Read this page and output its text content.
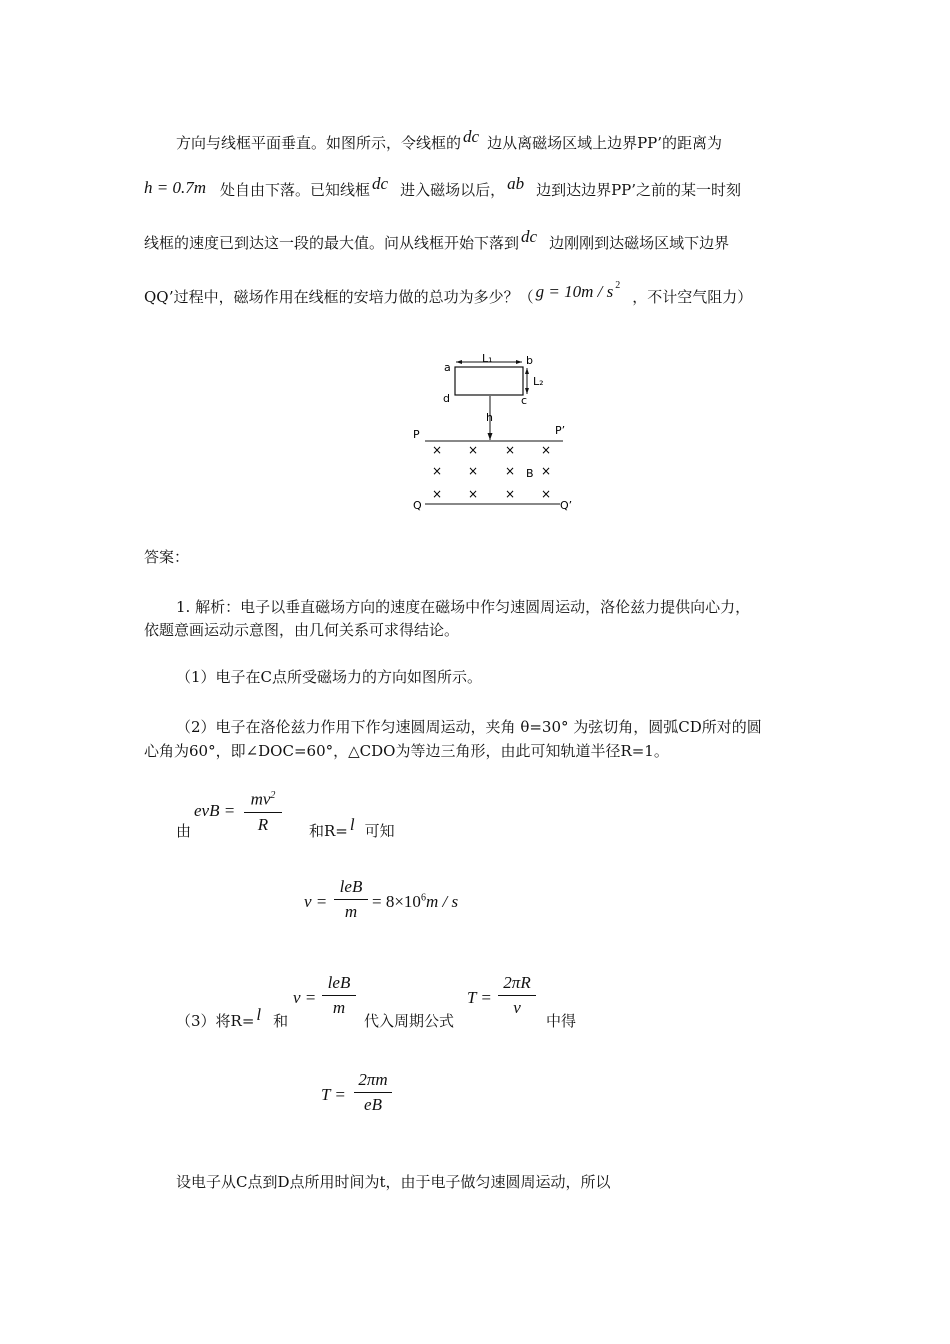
方向与线框平面垂直。如图所示，令线框的 dc 边从离磁场区域上边界PP’的距离为
h = 0.7m 处自由下落。已知线框 dc 进入磁场以后， ab 边到达边界PP’之前的某一时刻
线框的速度已到达这一段的最大值。问从线框开始下落到 dc 边刚刚到达磁场区域下边界
QQ’过程中，磁场作用在线框的安培力做的总功为多少？（ g = 10m / s $^2$，不计空气阻力）
L₁
L₂
a
b
c
d
h
P	P’
× × × ×
× × × ×
× × × ×
B
Q	Q’
答案：
1. 解析：电子以垂直磁场方向的速度在磁场中作匀速圆周运动，洛伦兹力提供向心力，
依题意画运动示意图，由几何关系可求得结论。
（1）电子在C点所受磁场力的方向如图所示。
（2）电子在洛伦兹力作用下作匀速圆周运动，夹角 θ=30° 为弦切角，圆弧CD所对的圆
心角为60°，即∠DOC=60°，△CDO为等边三角形，由此可知轨道半径R=1。
由
evB =
$mv^2$
R	和R= l 可知
v =
leB
m
= $8\times 10^6m / s$
（3）将R= l 和
v =
leB
m
代入周期公式
T =
2πR
v
中得
T =
2πm
eB
设电子从C点到D点所用时间为t，由于电子做匀速圆周运动，所以
